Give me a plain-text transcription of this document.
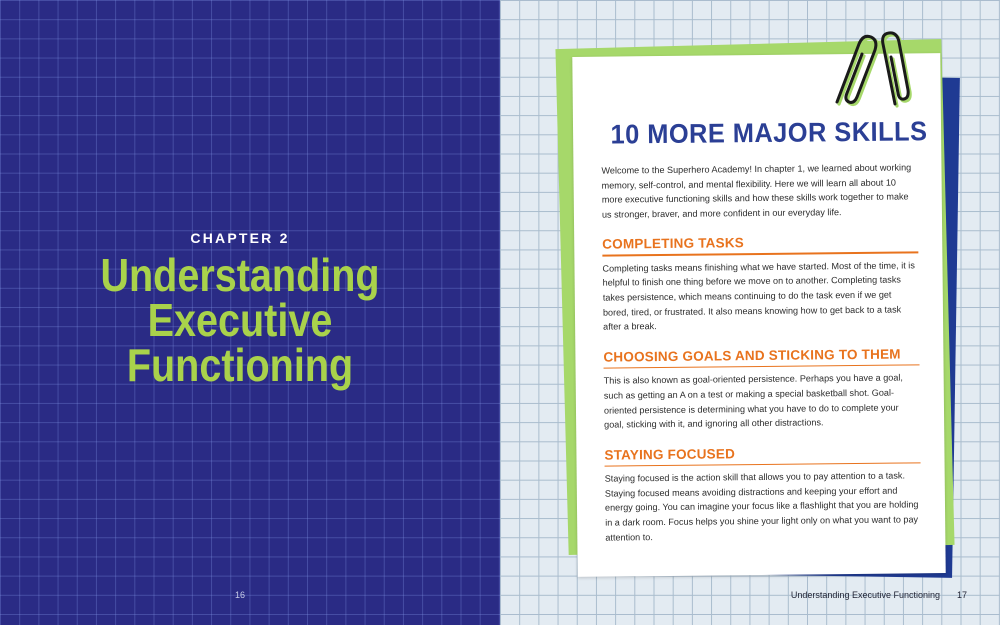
CHAPTER 2
Understanding Executive Functioning
16
10 MORE MAJOR SKILLS

Welcome to the Superhero Academy! In chapter 1, we learned about working memory, self-control, and mental flexibility. Here we will learn all about 10 more executive functioning skills and how these skills work together to make us stronger, braver, and more confident in our everyday life.

COMPLETING TASKS

Completing tasks means finishing what we have started. Most of the time, it is helpful to finish one thing before we move on to another. Completing tasks takes persistence, which means continuing to do the task even if we get bored, tired, or frustrated. It also means knowing how to get back to a task after a break.

CHOOSING GOALS AND STICKING TO THEM

This is also known as goal-oriented persistence. Perhaps you have a goal, such as getting an A on a test or making a special basketball shot. Goal-oriented persistence is determining what you have to do to complete your goal, sticking with it, and ignoring all other distractions.

STAYING FOCUSED

Staying focused is the action skill that allows you to pay attention to a task. Staying focused means avoiding distractions and keeping your effort and energy going. You can imagine your focus like a flashlight that you are holding in a dark room. Focus helps you shine your light only on what you want to pay attention to.

Understanding Executive Functioning	17
